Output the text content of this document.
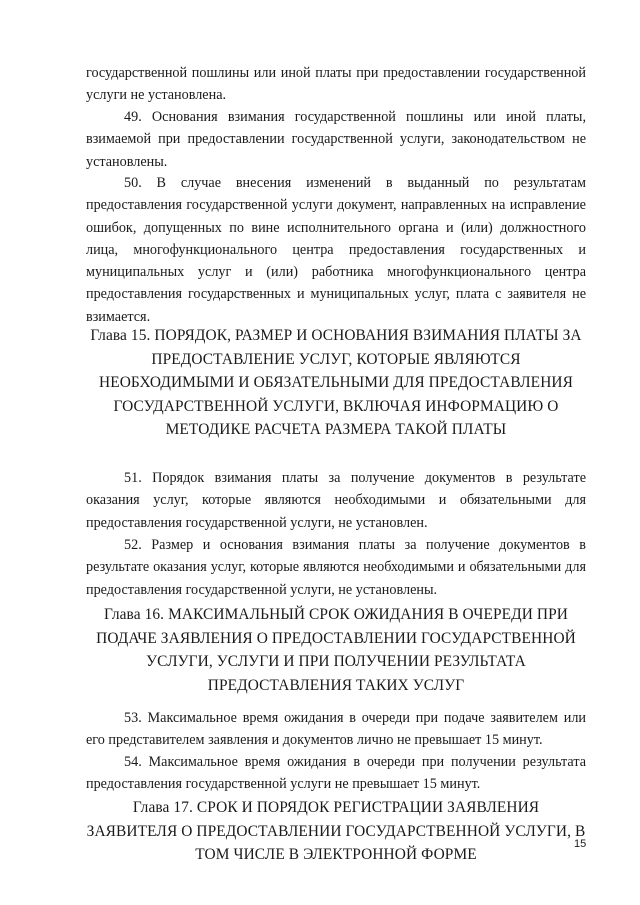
государственной пошлины или иной платы при предоставлении государственной услуги не установлена.

49. Основания взимания государственной пошлины или иной платы, взимаемой при предоставлении государственной услуги, законодательством не установлены.

50. В случае внесения изменений в выданный по результатам предоставления государственной услуги документ, направленных на исправление ошибок, допущенных по вине исполнительного органа и (или) должностного лица, многофункционального центра предоставления государственных и муниципальных услуг и (или) работника многофункционального центра предоставления государственных и муниципальных услуг, плата с заявителя не взимается.

Глава 15. ПОРЯДОК, РАЗМЕР И ОСНОВАНИЯ ВЗИМАНИЯ ПЛАТЫ ЗА ПРЕДОСТАВЛЕНИЕ УСЛУГ, КОТОРЫЕ ЯВЛЯЮТСЯ НЕОБХОДИМЫМИ И ОБЯЗАТЕЛЬНЫМИ ДЛЯ ПРЕДОСТАВЛЕНИЯ ГОСУДАРСТВЕННОЙ УСЛУГИ, ВКЛЮЧАЯ ИНФОРМАЦИЮ О МЕТОДИКЕ РАСЧЕТА РАЗМЕРА ТАКОЙ ПЛАТЫ

51. Порядок взимания платы за получение документов в результате оказания услуг, которые являются необходимыми и обязательными для предоставления государственной услуги, не установлен.

52. Размер и основания взимания платы за получение документов в результате оказания услуг, которые являются необходимыми и обязательными для предоставления государственной услуги, не установлены.

Глава 16. МАКСИМАЛЬНЫЙ СРОК ОЖИДАНИЯ В ОЧЕРЕДИ ПРИ ПОДАЧЕ ЗАЯВЛЕНИЯ О ПРЕДОСТАВЛЕНИИ ГОСУДАРСТВЕННОЙ УСЛУГИ, УСЛУГИ И ПРИ ПОЛУЧЕНИИ РЕЗУЛЬТАТА ПРЕДОСТАВЛЕНИЯ ТАКИХ УСЛУГ

53. Максимальное время ожидания в очереди при подаче заявителем или его представителем заявления и документов лично не превышает 15 минут.

54. Максимальное время ожидания в очереди при получении результата предоставления государственной услуги не превышает 15 минут.

Глава 17. СРОК И ПОРЯДОК РЕГИСТРАЦИИ ЗАЯВЛЕНИЯ ЗАЯВИТЕЛЯ О ПРЕДОСТАВЛЕНИИ ГОСУДАРСТВЕННОЙ УСЛУГИ, В ТОМ ЧИСЛЕ В ЭЛЕКТРОННОЙ ФОРМЕ

15
